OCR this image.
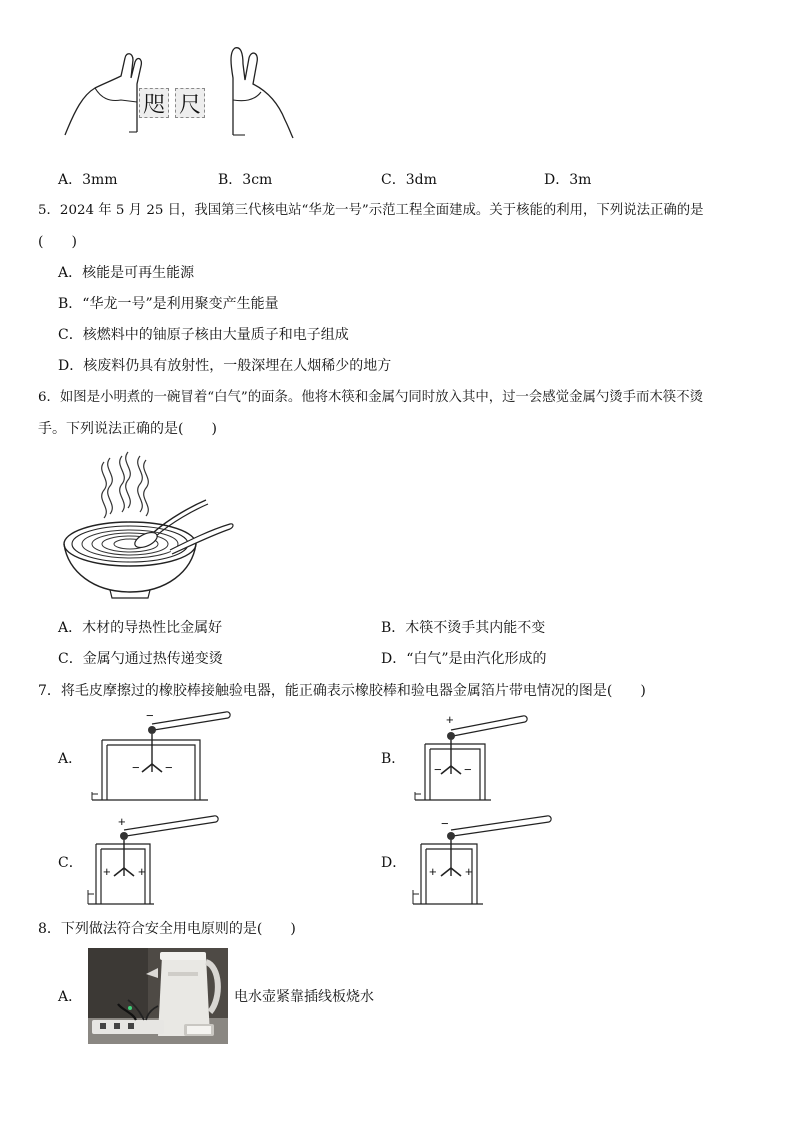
咫 尺
A．3mm	B．3cm	C．3dm	D．3m
5．2024 年 5 月 25 日，我国第三代核电站“华龙一号”示范工程全面建成。关于核能的利用，下列说法正确的是
(　　)
A．核能是可再生能源
B．“华龙一号”是利用聚变产生能量
C．核燃料中的铀原子核由大量质子和电子组成
D．核废料仍具有放射性，一般深埋在人烟稀少的地方
6．如图是小明煮的一碗冒着“白气”的面条。他将木筷和金属勺同时放入其中，过一会感觉金属勺烫手而木筷不烫
手。下列说法正确的是(　　)
A．木材的导热性比金属好	B．木筷不烫手其内能不变
C．金属勺通过热传递变烫	D．“白气”是由汽化形成的
7．将毛皮摩擦过的橡胶棒接触验电器，能正确表示橡胶棒和验电器金属箔片带电情况的图是(　　)
A．
−
− −
B．
+
− −
C．
+
+ +
D．
−
+ +
8．下列做法符合安全用电原则的是(　　)
A．	电水壶紧靠插线板烧水
